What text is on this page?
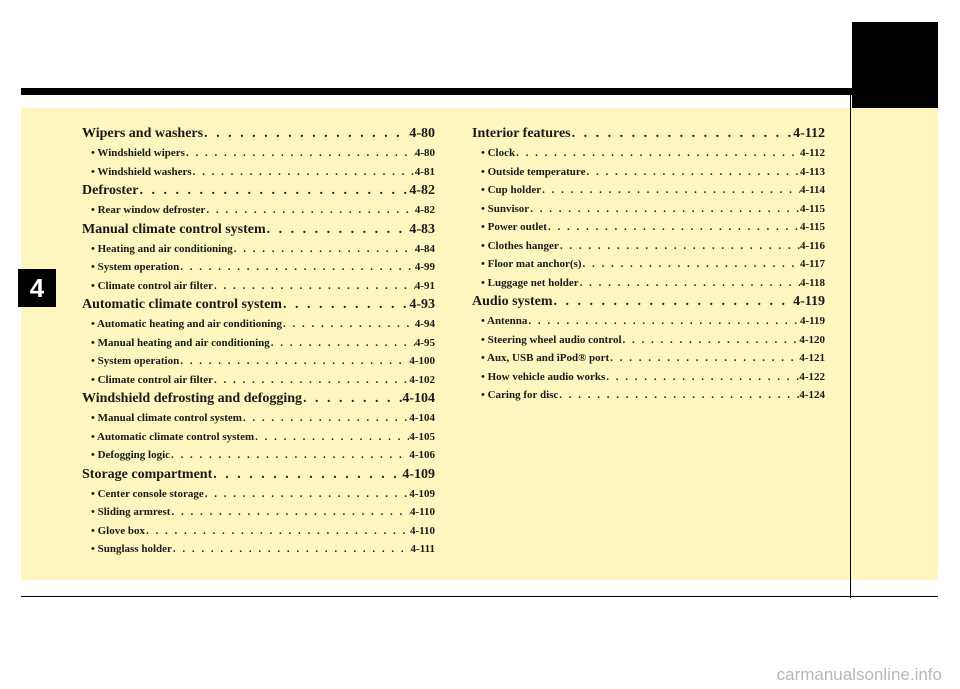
4
Wipers and washers . . .	4-80
• Windshield wipers . . .	4-80
• Windshield washers . . .	4-81
Defroster . . .	4-82
• Rear window defroster . . .	4-82
Manual climate control system . . .	4-83
• Heating and air conditioning . . .	4-84
• System operation . . .	4-99
• Climate control air filter . . .	4-91
Automatic climate control system . . .	4-93
• Automatic heating and air conditioning . . .	4-94
• Manual heating and air conditioning . . .	4-95
• System operation . . .	4-100
• Climate control air filter . . .	4-102
Windshield defrosting and defogging . . .	4-104
• Manual climate control system . . .	4-104
• Automatic climate control system . . .	4-105
• Defogging logic . . .	4-106
Storage compartment . . .	4-109
• Center console storage . . .	4-109
• Sliding armrest . . .	4-110
• Glove box . . .	4-110
• Sunglass holder . . .	4-111
Interior features . . .	4-112
• Clock . . .	4-112
• Outside temperature . . .	4-113
• Cup holder . . .	4-114
• Sunvisor . . .	4-115
• Power outlet . . .	4-115
• Clothes hanger . . .	4-116
• Floor mat anchor(s) . . .	4-117
• Luggage net holder . . .	4-118
Audio system . . .	4-119
• Antenna . . .	4-119
• Steering wheel audio control . . .	4-120
• Aux, USB and iPod® port . . .	4-121
• How vehicle audio works . . .	4-122
• Caring for disc . . .	4-124
carmanualsonline.info
